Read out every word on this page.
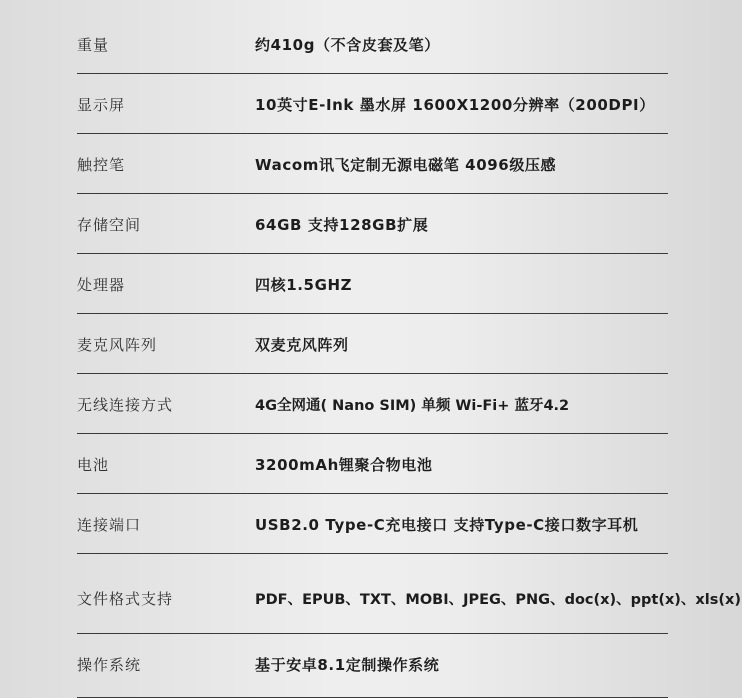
重量	约410g（不含皮套及笔）
显示屏	10英寸E-Ink 墨水屏 1600X1200分辨率（200DPI）
触控笔	Wacom讯飞定制无源电磁笔 4096级压感
存储空间	64GB 支持128GB扩展
处理器	四核1.5GHZ
麦克风阵列	双麦克风阵列
无线连接方式	4G全网通( Nano SIM) 单频 Wi-Fi+ 蓝牙4.2
电池	3200mAh锂聚合物电池
连接端口	USB2.0 Type-C充电接口 支持Type-C接口数字耳机
文件格式支持	PDF、EPUB、TXT、MOBI、JPEG、PNG、doc(x)、ppt(x)、xls(x)
操作系统	基于安卓8.1定制操作系统
